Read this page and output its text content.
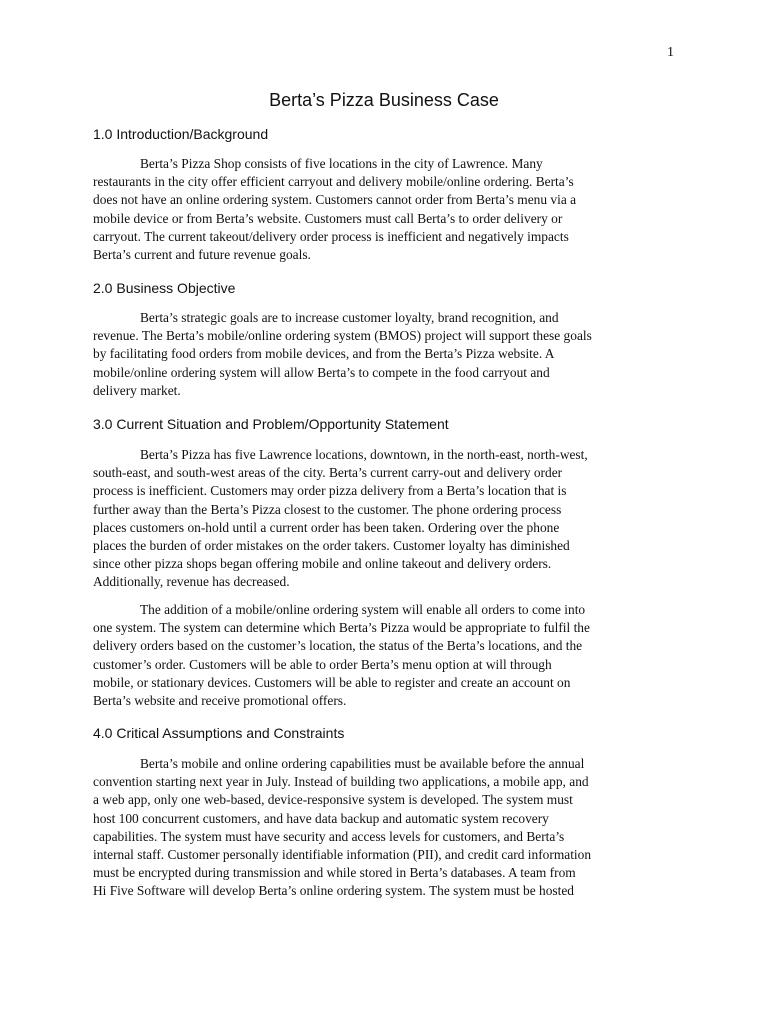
1
Berta’s Pizza Business Case
1.0 Introduction/Background
Berta’s Pizza Shop consists of five locations in the city of Lawrence. Many
restaurants in the city offer efficient carryout and delivery mobile/online ordering. Berta’s
does not have an online ordering system. Customers cannot order from Berta’s menu via a
mobile device or from Berta’s website. Customers must call Berta’s to order delivery or
carryout. The current takeout/delivery order process is inefficient and negatively impacts
Berta’s current and future revenue goals.
2.0 Business Objective
Berta’s strategic goals are to increase customer loyalty, brand recognition, and
revenue. The Berta’s mobile/online ordering system (BMOS) project will support these goals
by facilitating food orders from mobile devices, and from the Berta’s Pizza website. A
mobile/online ordering system will allow Berta’s to compete in the food carryout and
delivery market.
3.0 Current Situation and Problem/Opportunity Statement
Berta’s Pizza has five Lawrence locations, downtown, in the north-east, north-west,
south-east, and south-west areas of the city. Berta’s current carry-out and delivery order
process is inefficient. Customers may order pizza delivery from a Berta’s location that is
further away than the Berta’s Pizza closest to the customer. The phone ordering process
places customers on-hold until a current order has been taken. Ordering over the phone
places the burden of order mistakes on the order takers. Customer loyalty has diminished
since other pizza shops began offering mobile and online takeout and delivery orders.
Additionally, revenue has decreased.
The addition of a mobile/online ordering system will enable all orders to come into
one system. The system can determine which Berta’s Pizza would be appropriate to fulfil the
delivery orders based on the customer’s location, the status of the Berta’s locations, and the
customer’s order. Customers will be able to order Berta’s menu option at will through
mobile, or stationary devices. Customers will be able to register and create an account on
Berta’s website and receive promotional offers.
4.0 Critical Assumptions and Constraints
Berta’s mobile and online ordering capabilities must be available before the annual
convention starting next year in July. Instead of building two applications, a mobile app, and
a web app, only one web-based, device-responsive system is developed. The system must
host 100 concurrent customers, and have data backup and automatic system recovery
capabilities. The system must have security and access levels for customers, and Berta’s
internal staff. Customer personally identifiable information (PII), and credit card information
must be encrypted during transmission and while stored in Berta’s databases. A team from
Hi Five Software will develop Berta’s online ordering system. The system must be hosted
